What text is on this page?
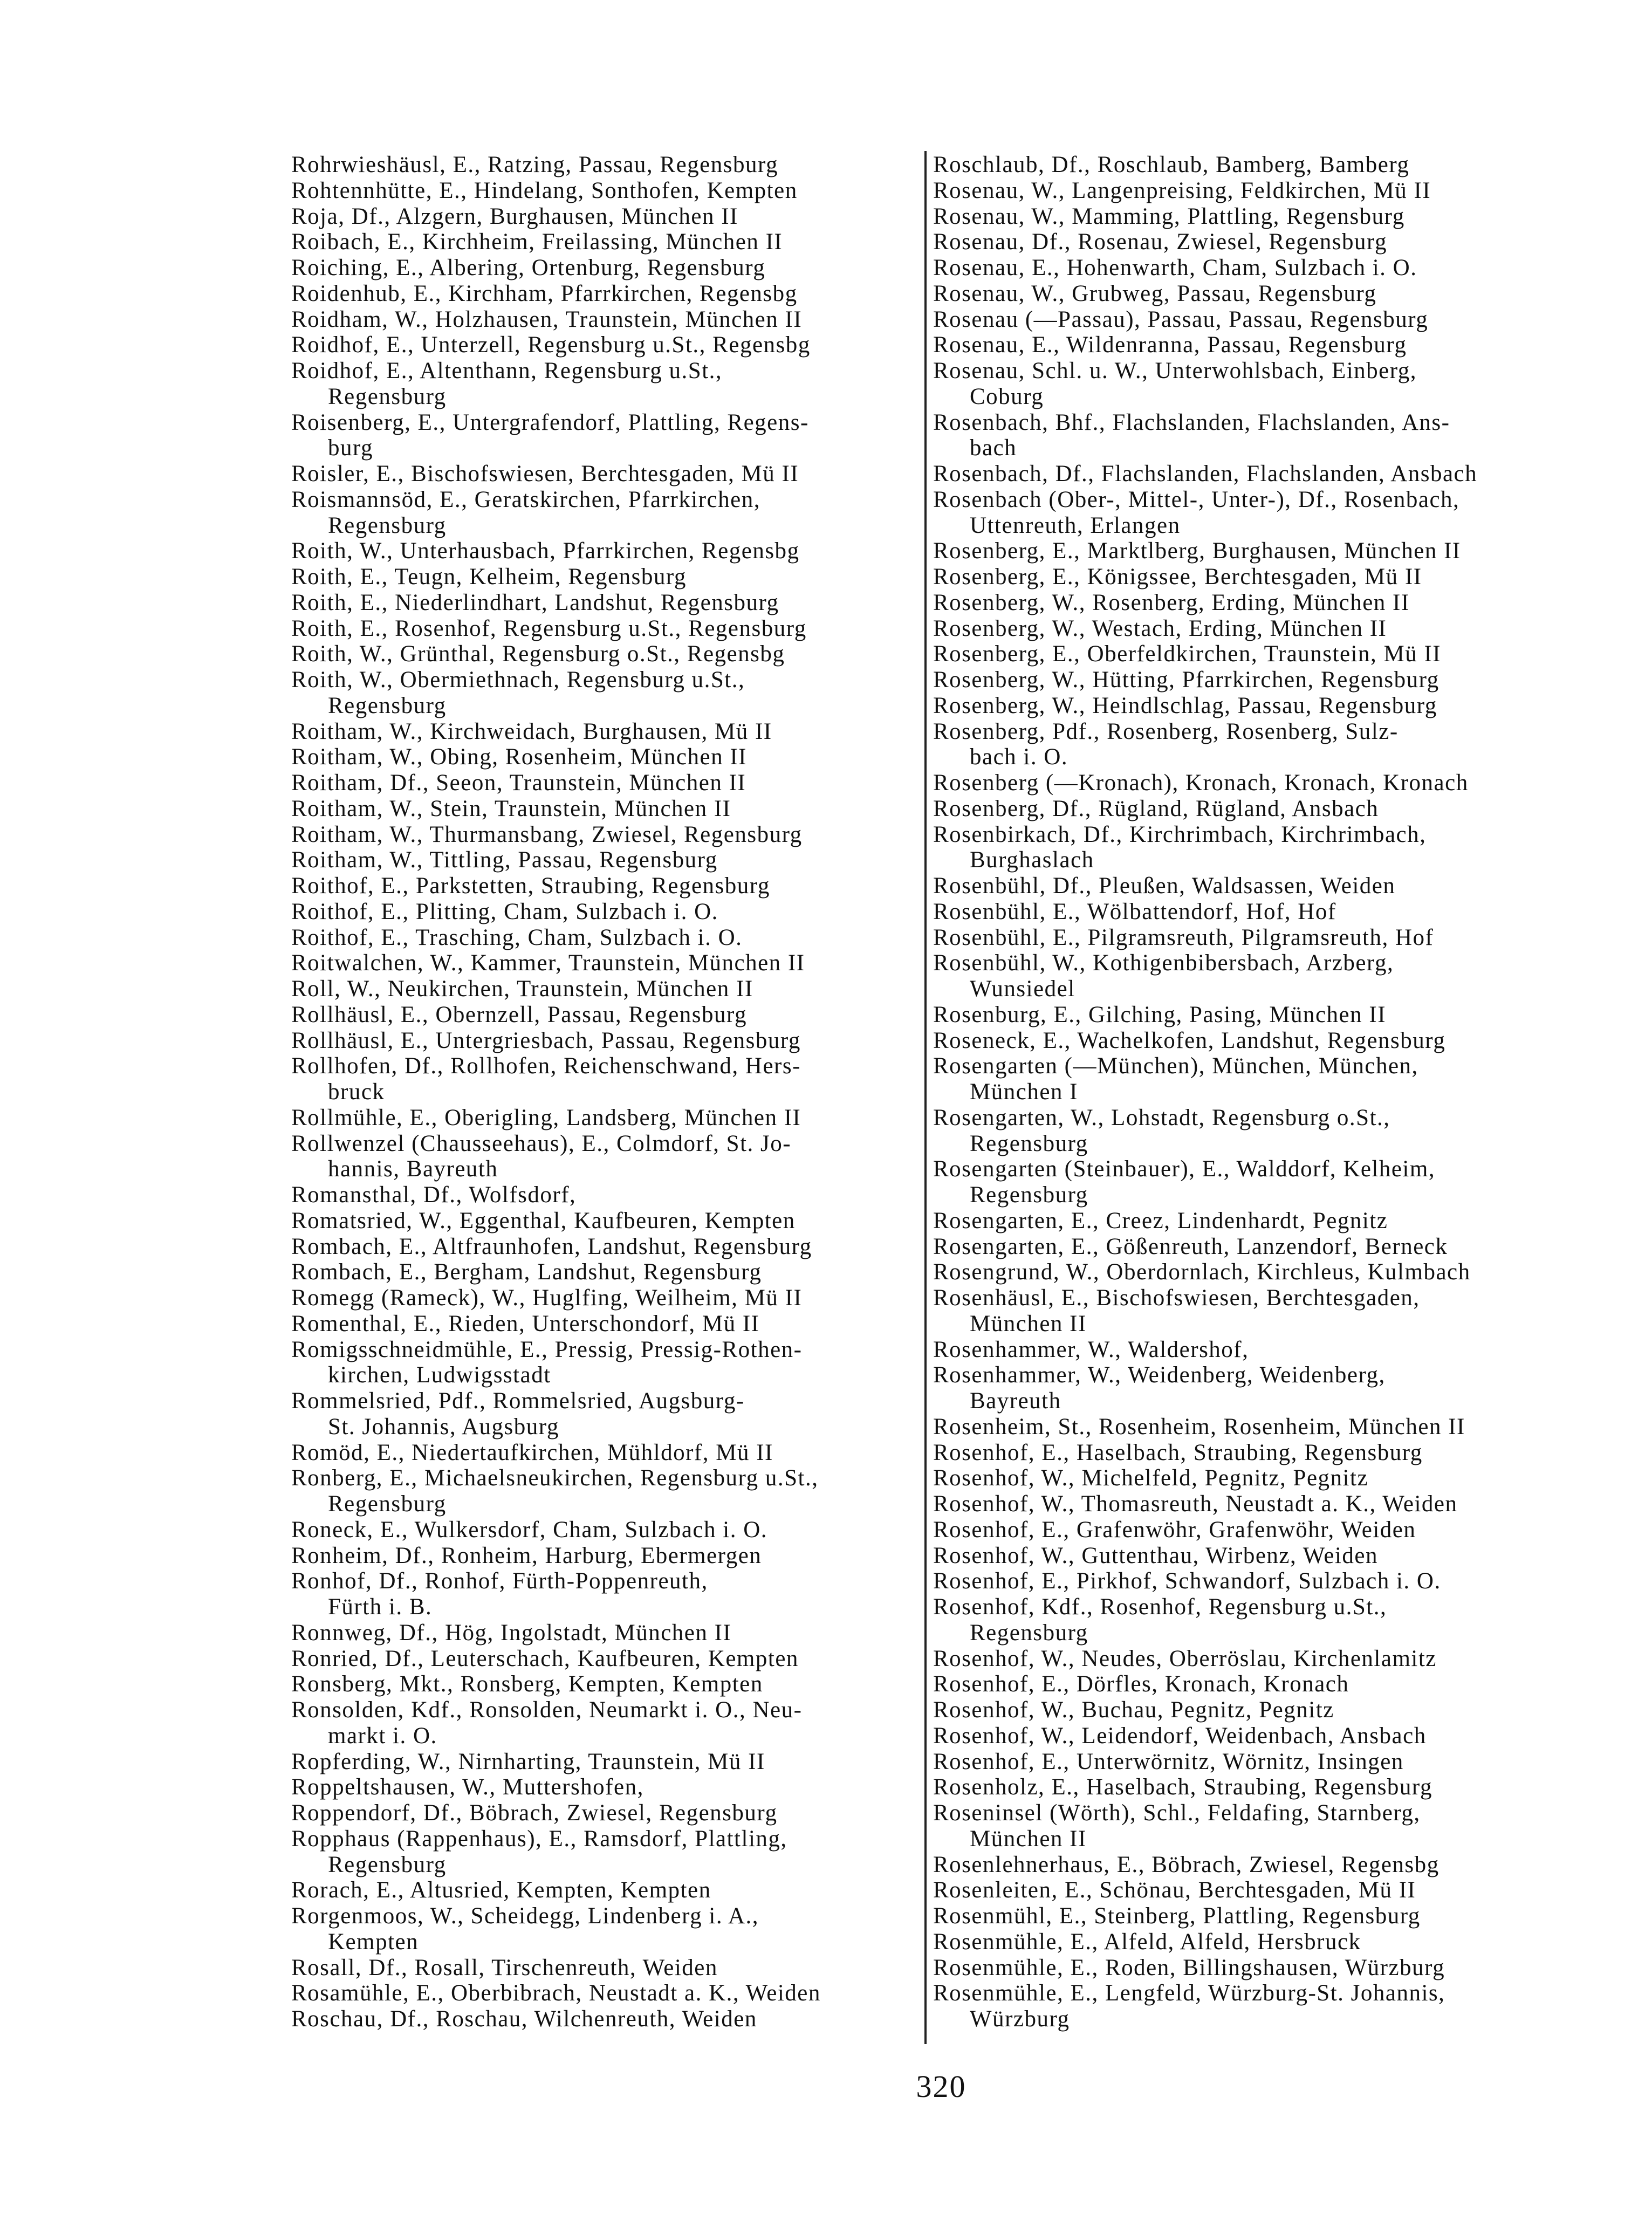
Rohrwieshäusl, E., Ratzing, Passau, Regensburg
Rohtennhütte, E., Hindelang, Sonthofen, Kempten
Roja, Df., Alzgern, Burghausen, München II
Roibach, E., Kirchheim, Freilassing, München II
Roiching, E., Albering, Ortenburg, Regensburg
Roidenhub, E., Kirchham, Pfarrkirchen, Regensbg
Roidham, W., Holzhausen, Traunstein, München II
Roidhof, E., Unterzell, Regensburg u.St., Regensbg
Roidhof, E., Altenthann, Regensburg u.St.,
Regensburg
Roisenberg, E., Untergrafendorf, Plattling, Regens-
burg
Roisler, E., Bischofswiesen, Berchtesgaden, Mü II
Roismannsöd, E., Geratskirchen, Pfarrkirchen,
Regensburg
Roith, W., Unterhausbach, Pfarrkirchen, Regensbg
Roith, E., Teugn, Kelheim, Regensburg
Roith, E., Niederlindhart, Landshut, Regensburg
Roith, E., Rosenhof, Regensburg u.St., Regensburg
Roith, W., Grünthal, Regensburg o.St., Regensbg
Roith, W., Obermiethnach, Regensburg u.St.,
Regensburg
Roitham, W., Kirchweidach, Burghausen, Mü II
Roitham, W., Obing, Rosenheim, München II
Roitham, Df., Seeon, Traunstein, München II
Roitham, W., Stein, Traunstein, München II
Roitham, W., Thurmansbang, Zwiesel, Regensburg
Roitham, W., Tittling, Passau, Regensburg
Roithof, E., Parkstetten, Straubing, Regensburg
Roithof, E., Plitting, Cham, Sulzbach i. O.
Roithof, E., Trasching, Cham, Sulzbach i. O.
Roitwalchen, W., Kammer, Traunstein, München II
Roll, W., Neukirchen, Traunstein, München II
Rollhäusl, E., Obernzell, Passau, Regensburg
Rollhäusl, E., Untergriesbach, Passau, Regensburg
Rollhofen, Df., Rollhofen, Reichenschwand, Hers-
bruck
Rollmühle, E., Oberigling, Landsberg, München II
Rollwenzel (Chausseehaus), E., Colmdorf, St. Jo-
hannis, Bayreuth
Romansthal, Df., Wolfsdorf,
Romatsried, W., Eggenthal, Kaufbeuren, Kempten
Rombach, E., Altfraunhofen, Landshut, Regensburg
Rombach, E., Bergham, Landshut, Regensburg
Romegg (Rameck), W., Huglfing, Weilheim, Mü II
Romenthal, E., Rieden, Unterschondorf, Mü II
Romigsschneidmühle, E., Pressig, Pressig-Rothen-
kirchen, Ludwigsstadt
Rommelsried, Pdf., Rommelsried, Augsburg-
St. Johannis, Augsburg
Romöd, E., Niedertaufkirchen, Mühldorf, Mü II
Ronberg, E., Michaelsneukirchen, Regensburg u.St.,
Regensburg
Roneck, E., Wulkersdorf, Cham, Sulzbach i. O.
Ronheim, Df., Ronheim, Harburg, Ebermergen
Ronhof, Df., Ronhof, Fürth-Poppenreuth,
Fürth i. B.
Ronnweg, Df., Hög, Ingolstadt, München II
Ronried, Df., Leuterschach, Kaufbeuren, Kempten
Ronsberg, Mkt., Ronsberg, Kempten, Kempten
Ronsolden, Kdf., Ronsolden, Neumarkt i. O., Neu-
markt i. O.
Ropferding, W., Nirnharting, Traunstein, Mü II
Roppeltshausen, W., Muttershofen,
Roppendorf, Df., Böbrach, Zwiesel, Regensburg
Ropphaus (Rappenhaus), E., Ramsdorf, Plattling,
Regensburg
Rorach, E., Altusried, Kempten, Kempten
Rorgenmoos, W., Scheidegg, Lindenberg i. A.,
Kempten
Rosall, Df., Rosall, Tirschenreuth, Weiden
Rosamühle, E., Oberbibrach, Neustadt a. K., Weiden
Roschau, Df., Roschau, Wilchenreuth, Weiden
Roschlaub, Df., Roschlaub, Bamberg, Bamberg
Rosenau, W., Langenpreising, Feldkirchen, Mü II
Rosenau, W., Mamming, Plattling, Regensburg
Rosenau, Df., Rosenau, Zwiesel, Regensburg
Rosenau, E., Hohenwarth, Cham, Sulzbach i. O.
Rosenau, W., Grubweg, Passau, Regensburg
Rosenau (—Passau), Passau, Passau, Regensburg
Rosenau, E., Wildenranna, Passau, Regensburg
Rosenau, Schl. u. W., Unterwohlsbach, Einberg,
Coburg
Rosenbach, Bhf., Flachslanden, Flachslanden, Ans-
bach
Rosenbach, Df., Flachslanden, Flachslanden, Ansbach
Rosenbach (Ober-, Mittel-, Unter-), Df., Rosenbach,
Uttenreuth, Erlangen
Rosenberg, E., Marktlberg, Burghausen, München II
Rosenberg, E., Königssee, Berchtesgaden, Mü II
Rosenberg, W., Rosenberg, Erding, München II
Rosenberg, W., Westach, Erding, München II
Rosenberg, E., Oberfeldkirchen, Traunstein, Mü II
Rosenberg, W., Hütting, Pfarrkirchen, Regensburg
Rosenberg, W., Heindlschlag, Passau, Regensburg
Rosenberg, Pdf., Rosenberg, Rosenberg, Sulz-
bach i. O.
Rosenberg (—Kronach), Kronach, Kronach, Kronach
Rosenberg, Df., Rügland, Rügland, Ansbach
Rosenbirkach, Df., Kirchrimbach, Kirchrimbach,
Burghaslach
Rosenbühl, Df., Pleußen, Waldsassen, Weiden
Rosenbühl, E., Wölbattendorf, Hof, Hof
Rosenbühl, E., Pilgramsreuth, Pilgramsreuth, Hof
Rosenbühl, W., Kothigenbibersbach, Arzberg,
Wunsiedel
Rosenburg, E., Gilching, Pasing, München II
Roseneck, E., Wachelkofen, Landshut, Regensburg
Rosengarten (—München), München, München,
München I
Rosengarten, W., Lohstadt, Regensburg o.St.,
Regensburg
Rosengarten (Steinbauer), E., Walddorf, Kelheim,
Regensburg
Rosengarten, E., Creez, Lindenhardt, Pegnitz
Rosengarten, E., Gößenreuth, Lanzendorf, Berneck
Rosengrund, W., Oberdornlach, Kirchleus, Kulmbach
Rosenhäusl, E., Bischofswiesen, Berchtesgaden,
München II
Rosenhammer, W., Waldershof,
Rosenhammer, W., Weidenberg, Weidenberg,
Bayreuth
Rosenheim, St., Rosenheim, Rosenheim, München II
Rosenhof, E., Haselbach, Straubing, Regensburg
Rosenhof, W., Michelfeld, Pegnitz, Pegnitz
Rosenhof, W., Thomasreuth, Neustadt a. K., Weiden
Rosenhof, E., Grafenwöhr, Grafenwöhr, Weiden
Rosenhof, W., Guttenthau, Wirbenz, Weiden
Rosenhof, E., Pirkhof, Schwandorf, Sulzbach i. O.
Rosenhof, Kdf., Rosenhof, Regensburg u.St.,
Regensburg
Rosenhof, W., Neudes, Oberröslau, Kirchenlamitz
Rosenhof, E., Dörfles, Kronach, Kronach
Rosenhof, W., Buchau, Pegnitz, Pegnitz
Rosenhof, W., Leidendorf, Weidenbach, Ansbach
Rosenhof, E., Unterwörnitz, Wörnitz, Insingen
Rosenholz, E., Haselbach, Straubing, Regensburg
Roseninsel (Wörth), Schl., Feldafing, Starnberg,
München II
Rosenlehnerhaus, E., Böbrach, Zwiesel, Regensbg
Rosenleiten, E., Schönau, Berchtesgaden, Mü II
Rosenmühl, E., Steinberg, Plattling, Regensburg
Rosenmühle, E., Alfeld, Alfeld, Hersbruck
Rosenmühle, E., Roden, Billingshausen, Würzburg
Rosenmühle, E., Lengfeld, Würzburg-St. Johannis,
Würzburg
320
